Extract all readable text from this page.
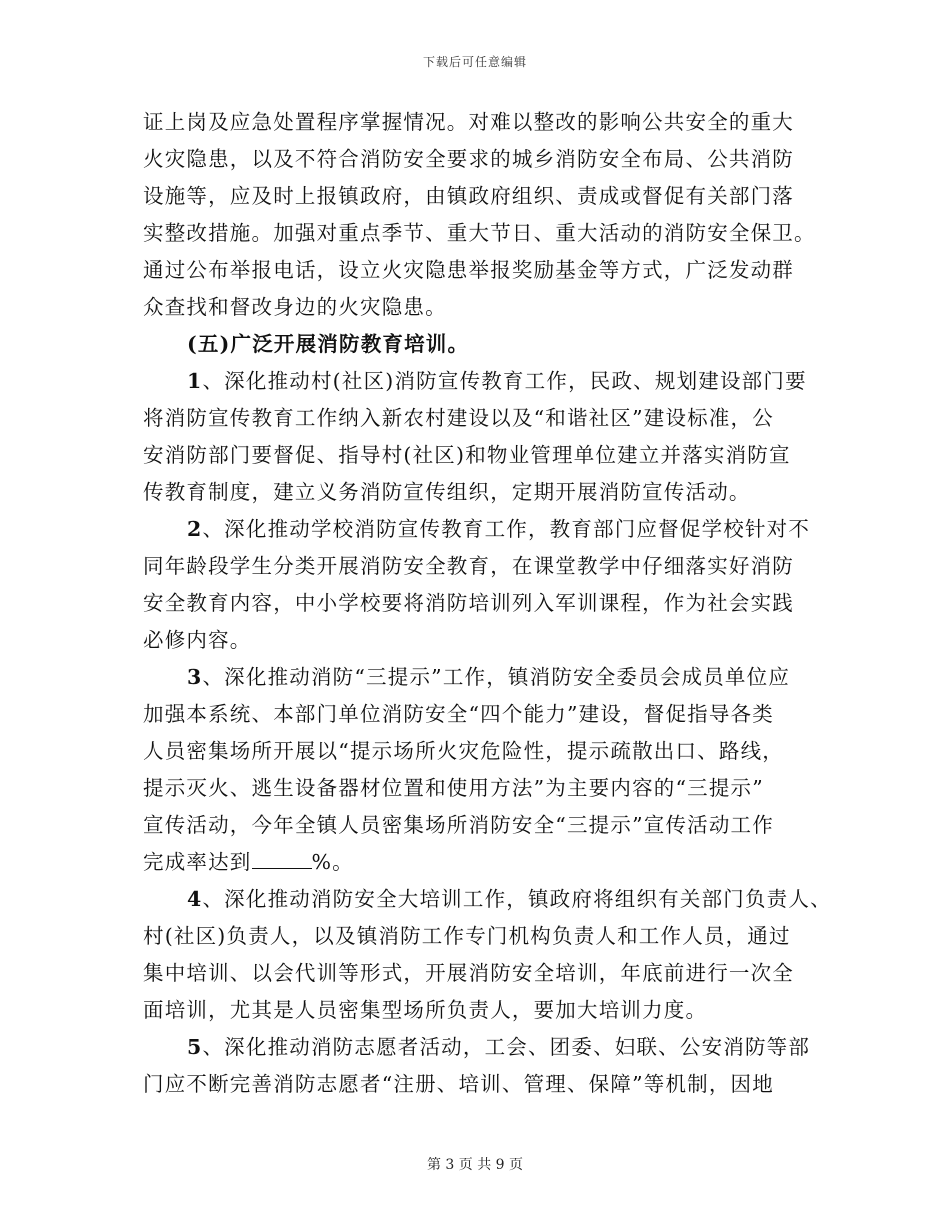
下载后可任意编辑
证上岗及应急处置程序掌握情况。对难以整改的影响公共安全的重大
火灾隐患，以及不符合消防安全要求的城乡消防安全布局、公共消防
设施等，应及时上报镇政府，由镇政府组织、责成或督促有关部门落
实整改措施。加强对重点季节、重大节日、重大活动的消防安全保卫。
通过公布举报电话，设立火灾隐患举报奖励基金等方式，广泛发动群
众查找和督改身边的火灾隐患。
(五)广泛开展消防教育培训。
1、深化推动村(社区)消防宣传教育工作，民政、规划建设部门要
将消防宣传教育工作纳入新农村建设以及“和谐社区”建设标准，公
安消防部门要督促、指导村(社区)和物业管理单位建立并落实消防宣
传教育制度，建立义务消防宣传组织，定期开展消防宣传活动。
2、深化推动学校消防宣传教育工作，教育部门应督促学校针对不
同年龄段学生分类开展消防安全教育，在课堂教学中仔细落实好消防
安全教育内容，中小学校要将消防培训列入军训课程，作为社会实践
必修内容。
3、深化推动消防“三提示”工作，镇消防安全委员会成员单位应
加强本系统、本部门单位消防安全“四个能力”建设，督促指导各类
人员密集场所开展以“提示场所火灾危险性，提示疏散出口、路线，
提示灭火、逃生设备器材位置和使用方法”为主要内容的“三提示”
宣传活动，今年全镇人员密集场所消防安全“三提示”宣传活动工作
完成率达到	%。
4、深化推动消防安全大培训工作，镇政府将组织有关部门负责人、
村(社区)负责人，以及镇消防工作专门机构负责人和工作人员，通过
集中培训、以会代训等形式，开展消防安全培训，年底前进行一次全
面培训，尤其是人员密集型场所负责人，要加大培训力度。
5、深化推动消防志愿者活动，工会、团委、妇联、公安消防等部
门应不断完善消防志愿者“注册、培训、管理、保障”等机制，因地
第 3 页 共 9 页
